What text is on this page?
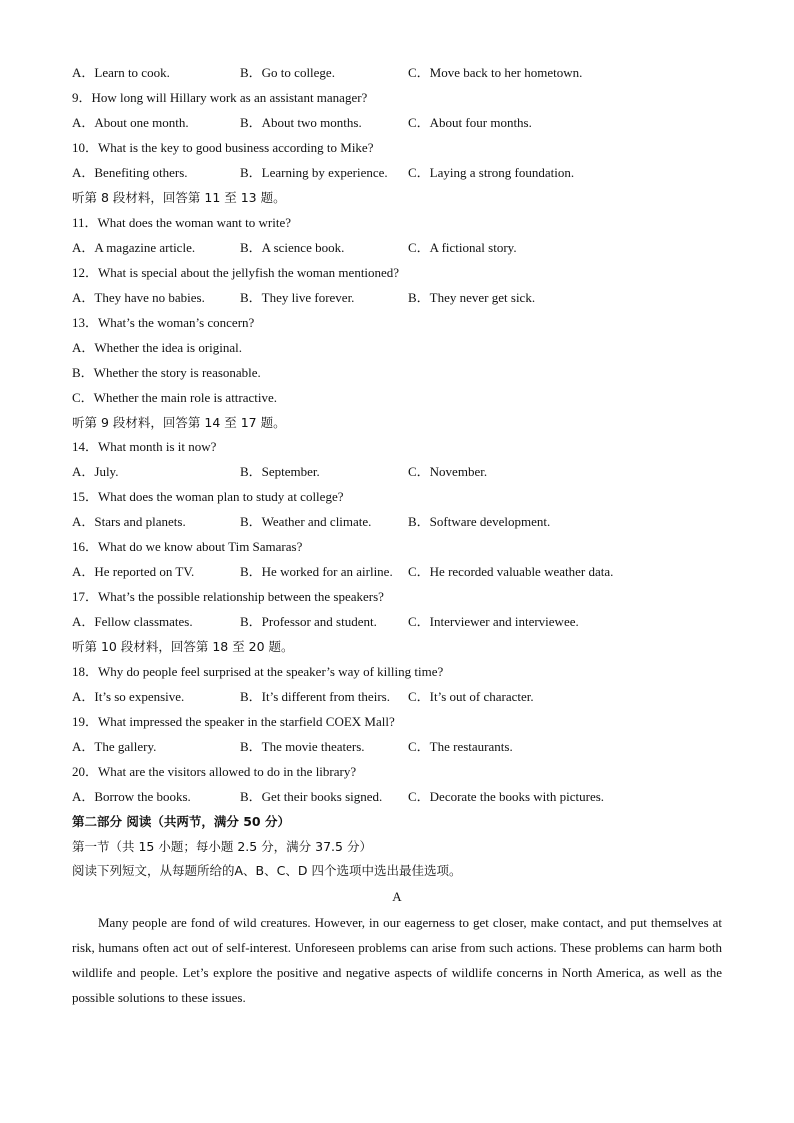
A．Learn to cook.	B．Go to college.	C．Move back to her hometown.
9．How long will Hillary work as an assistant manager?
A．About one month.	B．About two months.	C．About four months.
10．What is the key to good business according to Mike?
A．Benefiting others.	B．Learning by experience. C．Laying a strong foundation.
听第 8 段材料，回答第 11 至 13 题。
11．What does the woman want to write?
A．A magazine article.	B．A science book.	C．A fictional story.
12．What is special about the jellyfish the woman mentioned?
A．They have no babies.	B．They live forever.	B．They never get sick.
13．What’s the woman’s concern?
A．Whether the idea is original.
B．Whether the story is reasonable.
C．Whether the main role is attractive.
听第 9 段材料，回答第 14 至 17 题。
14．What month is it now?
A．July.	B．September.	C．November.
15．What does the woman plan to study at college?
A．Stars and planets.	B．Weather and climate.	B．Software development.
16．What do we know about Tim Samaras?
A．He reported on TV.	B．He worked for an airline. C．He recorded valuable weather data.
17．What’s the possible relationship between the speakers?
A．Fellow classmates.	B．Professor and student. C．Interviewer and interviewee.
听第 10 段材料，回答第 18 至 20 题。
18．Why do people feel surprised at the speaker’s way of killing time?
A．It’s so expensive.	B．It’s different from theirs. C．It’s out of character.
19．What impressed the speaker in the starfield COEX Mall?
A．The gallery.	B．The movie theaters.	C．The restaurants.
20．What are the visitors allowed to do in the library?
A．Borrow the books.	B．Get their books signed. C．Decorate the books with pictures.
第二部分 阅读（共两节，满分 50 分）
第一节（共 15 小题；每小题 2.5 分，满分 37.5 分）
阅读下列短文，从每题所给的A、B、C、D 四个选项中选出最佳选项。
A
Many people are fond of wild creatures. However, in our eagerness to get closer, make contact, and put themselves at risk, humans often act out of self-interest. Unforeseen problems can arise from such actions. These problems can harm both wildlife and people. Let’s explore the positive and negative aspects of wildlife concerns in North America, as well as the possible solutions to these issues.
